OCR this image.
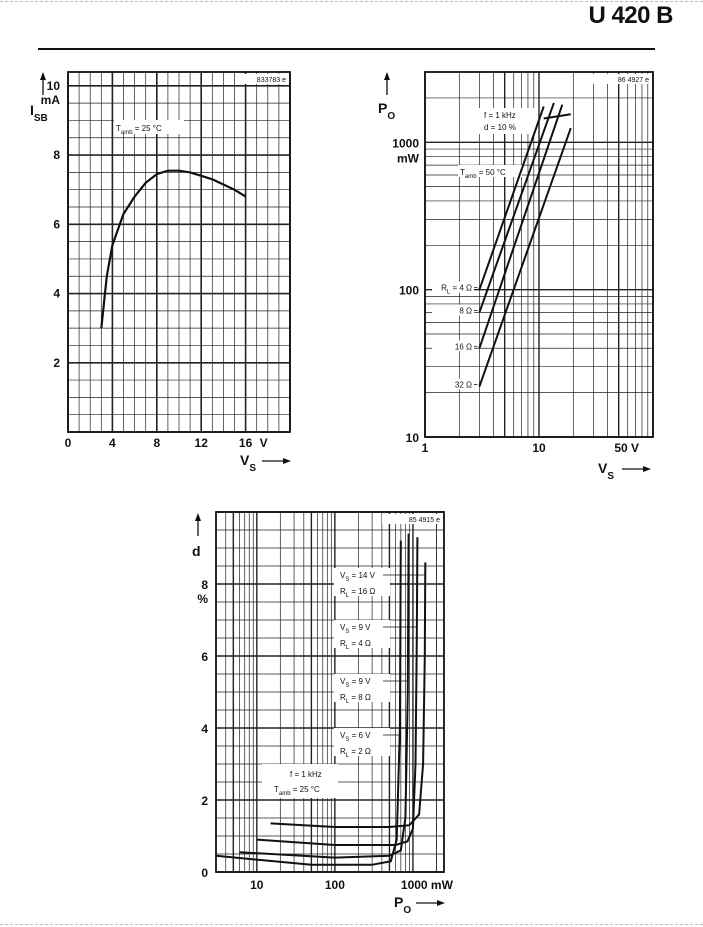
U 420 B
833783 e
0	4	8	12	16 V
2
4
6
8
10
mA
$I_{SB}$
$V_S$
$T_{amb} = 25$ °C
86 4927 e
1	10	50 V
10
100
1000
mW
$P_O$
$V_S$
f = 1 kHz
d = 10 %
$T_{amb} = 50$ °C
$R_L = 4$ Ω
8 Ω
16 Ω
32 Ω
85 4915 e
10	100	1000 mW
0
2
4
6
8
%
d
$P_O$
f = 1 kHz
$T_{amb} = 25$ °C
$V_S = 14$ V
$R_L = 16$ Ω
$V_S = 9$ V
$R_L = 4$ Ω
$V_S = 9$ V
$R_L = 8$ Ω
$V_S = 6$ V
$R_L = 2$ Ω
